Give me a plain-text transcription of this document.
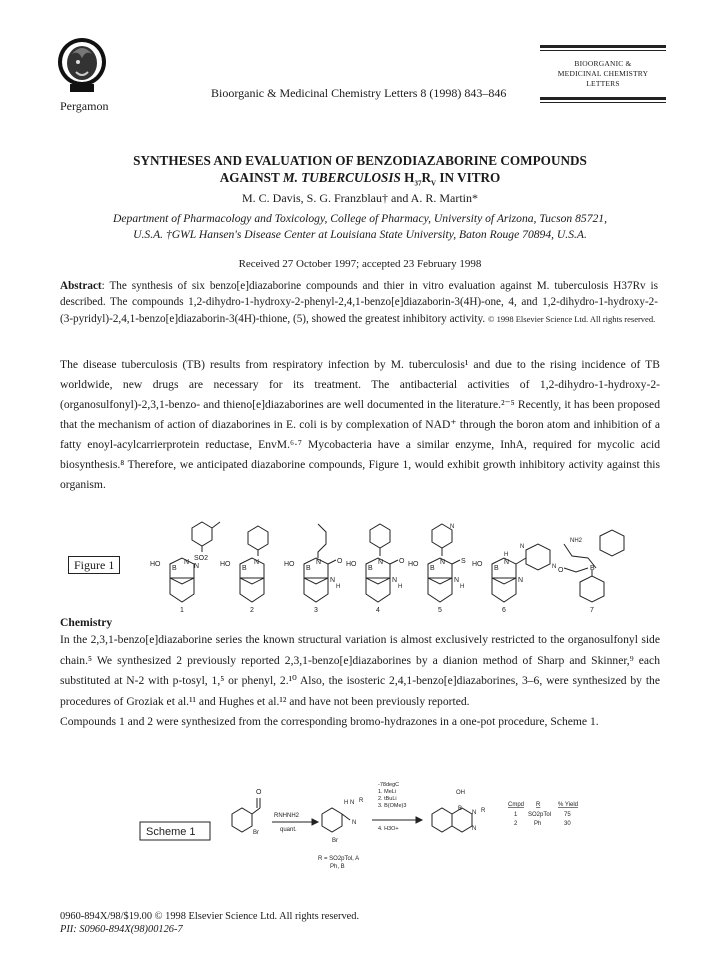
Pergamon
Bioorganic & Medicinal Chemistry Letters 8 (1998) 843–846
BIOORGANIC &
MEDICINAL CHEMISTRY
LETTERS
SYNTHESES AND EVALUATION OF BENZODIAZABORINE COMPOUNDS
AGAINST M. TUBERCULOSIS $H_{37}R_V$ IN VITRO
M. C. Davis, S. G. Franzblau† and A. R. Martin*
Department of Pharmacology and Toxicology, College of Pharmacy, University of Arizona, Tucson 85721,
U.S.A. †GWL Hansen's Disease Center at Louisiana State University, Baton Rouge 70894, U.S.A.
Received 27 October 1997; accepted 23 February 1998
Abstract: The synthesis of six benzo[e]diazaborine compounds and thier in vitro evaluation against M. tuberculosis H37Rv is described. The compounds 1,2-dihydro-1-hydroxy-2-phenyl-2,4,1-benzo[e]diazaborin-3(4H)-one, 4, and 1,2-dihydro-1-hydroxy-2-(3-pyridyl)-2,4,1-benzo[e]diazaborin-3(4H)-thione, (5), showed the greatest inhibitory activity. © 1998 Elsevier Science Ltd. All rights reserved.
The disease tuberculosis (TB) results from respiratory infection by M. tuberculosis¹ and due to the rising incidence of TB worldwide, new drugs are necessary for its treatment. The antibacterial activities of 1,2-dihydro-1-hydroxy-2-(organosulfonyl)-2,3,1-benzo- and thieno[e]diazaborines are well documented in the literature.²⁻⁵ Recently, it has been proposed that the mechanism of action of diazaborines in E. coli is by complexation of NAD⁺ through the boron atom and inhibition of a fatty enoyl-acylcarrierprotein reductase, EnvM.⁶·⁷ Mycobacteria have a similar enzyme, InhA, required for mycolic acid biosynthesis.⁸ Therefore, we anticipated diazaborine compounds, Figure 1, would exhibit growth inhibitory activity against this organism.
Figure 1	SO2
HO
B
N
N
1
HO
B
N
2
HO
B
N O
N
H
3
HO
B
N O
N
H
4
N
HO
B
N S
N
H
5
HO
B
H
N
N
N
N
6
NH2
O	B
7
Chemistry
In the 2,3,1-benzo[e]diazaborine series the known structural variation is almost exclusively restricted to the organosulfonyl side chain.⁵ We synthesized 2 previously reported 2,3,1-benzo[e]diazaborines by a dianion method of Sharp and Skinner,⁹ each substituted at N-2 with p-tosyl, 1,⁵ or phenyl, 2.¹⁰ Also, the isosteric 2,4,1-benzo[e]diazaborines, 3–6, were synthesized by the procedures of Groziak et al.¹¹ and Hughes et al.¹² and have not been previously reported.
Compounds 1 and 2 were synthesized from the corresponding bromo-hydrazones in a one-pot procedure, Scheme 1.
Scheme 1
O
Br
RNHNH2
quant.
Br
H N R
N
R = SO2pTol, A
Ph, B
-78degC
1. MeLi
2. tBuLi
3. B(OMe)3
4. H3O+
OH
B
N R
N
Cmpd R	% Yield
1 SO2pTol 75
2	Ph	30
0960-894X/98/$19.00 © 1998 Elsevier Science Ltd. All rights reserved.
PII: S0960-894X(98)00126-7
